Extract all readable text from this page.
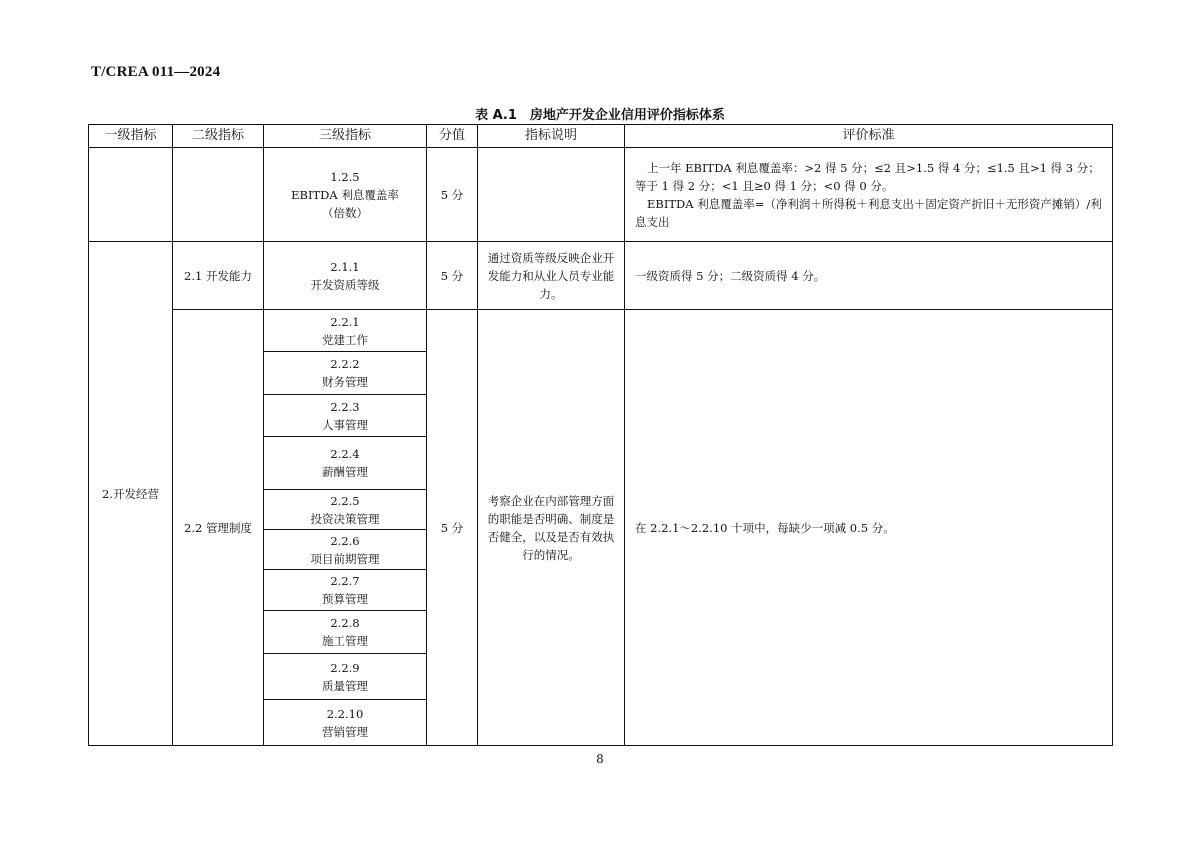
T/CREA 011—2024
表 A.1　房地产开发企业信用评价指标体系
一级指标	二级指标	三级指标	分值	指标说明	评价标准

		1.2.5
EBITDA 利息覆盖率
（倍数）	5 分		上一年 EBITDA 利息覆盖率：>2 得 5 分；≤2 且>1.5 得 4 分；≤1.5 且>1 得 3 分；等于 1 得 2 分；<1 且≥0 得 1 分；<0 得 0 分。
EBITDA 利息覆盖率=（净利润＋所得税＋利息支出＋固定资产折旧＋无形资产摊销）/利息支出

2.开发经营	2.1 开发能力	2.1.1
开发资质等级	5 分	通过资质等级反映企业开发能力和从业人员专业能力。	一级资质得 5 分；二级资质得 4 分。
	2.2 管理制度	2.2.1
党建工作	5 分	考察企业在内部管理方面的职能是否明确、制度是否健全，以及是否有效执行的情况。	在 2.2.1～2.2.10 十项中，每缺少一项减 0.5 分。

		2.2.2
财务管理			

		2.2.3
人事管理			

		2.2.4
薪酬管理			

		2.2.5
投资决策管理			

		2.2.6
项目前期管理			

		2.2.7
预算管理			

		2.2.8
施工管理			

		2.2.9
质量管理			

		2.2.10
营销管理			
8
